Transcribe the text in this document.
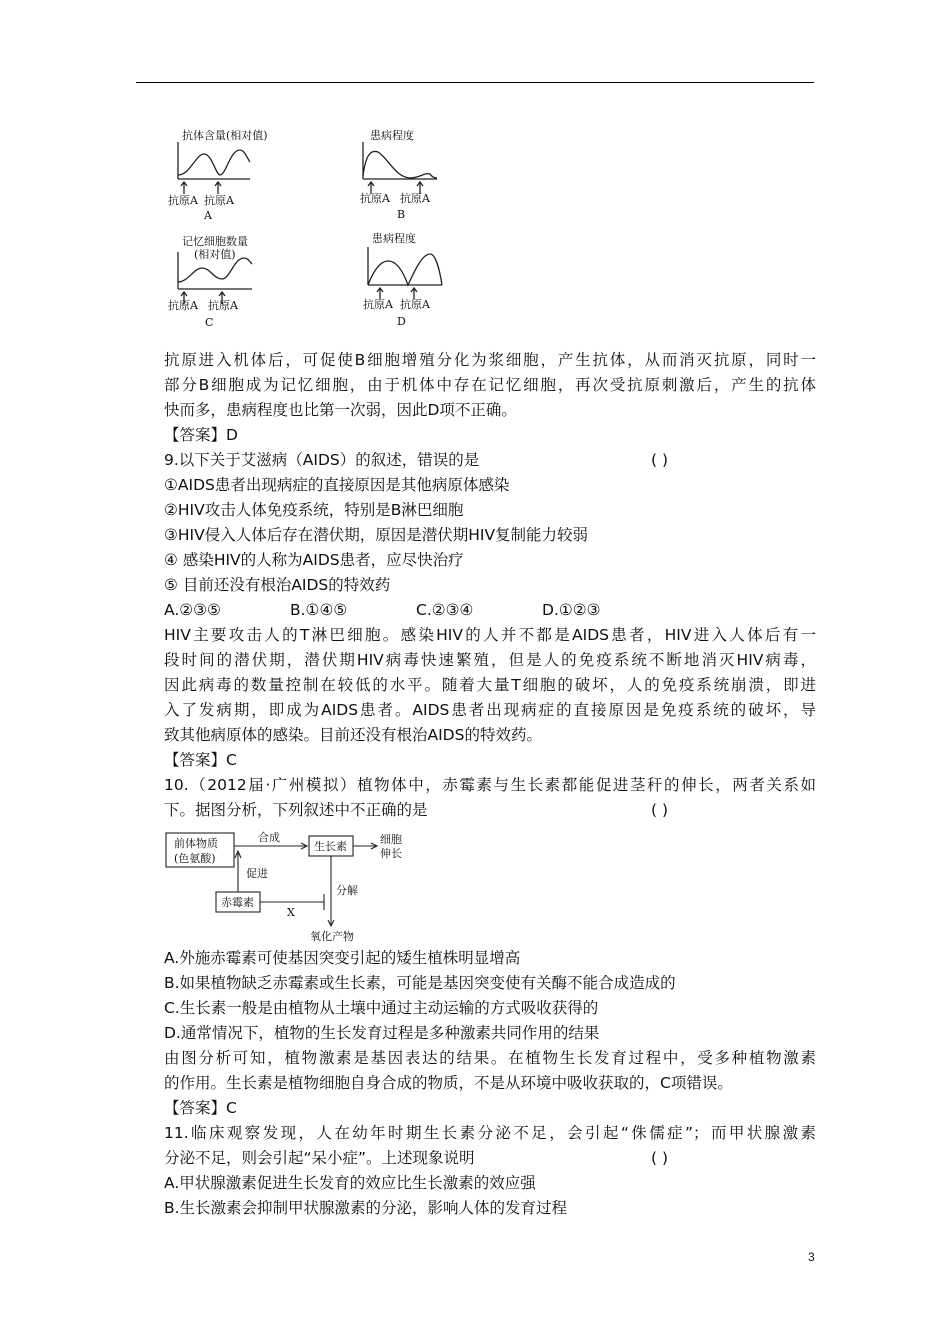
抗体含量(相对值)
抗原A 抗原A
A
患病程度
抗原A 抗原A
B
记忆细胞数量
(相对值)
抗原A 抗原A
C
患病程度
抗原A 抗原A
D
抗原进入机体后，可促使B细胞增殖分化为浆细胞，产生抗体，从而消灭抗原，同时一
部分B细胞成为记忆细胞，由于机体中存在记忆细胞，再次受抗原刺激后，产生的抗体
快而多，患病程度也比第一次弱，因此D项不正确。
【答案】D
9.以下关于艾滋病（AIDS）的叙述，错误的是	( )
①AIDS患者出现病症的直接原因是其他病原体感染
②HIV攻击人体免疫系统，特别是B淋巴细胞
③HIV侵入人体后存在潜伏期，原因是潜伏期HIV复制能力较弱
④ 感染HIV的人称为AIDS患者，应尽快治疗
⑤ 目前还没有根治AIDS的特效药
A.②③⑤	B.①④⑤	C.②③④	D.①②③
HIV主要攻击人的T淋巴细胞。感染HIV的人并不都是AIDS患者，HIV进入人体后有一
段时间的潜伏期，潜伏期HIV病毒快速繁殖，但是人的免疫系统不断地消灭HIV病毒，
因此病毒的数量控制在较低的水平。随着大量T细胞的破坏，人的免疫系统崩溃，即进
入了发病期，即成为AIDS患者。AIDS患者出现病症的直接原因是免疫系统的破坏，导
致其他病原体的感染。目前还没有根治AIDS的特效药。
【答案】C
10.（2012届·广州模拟）植物体中，赤霉素与生长素都能促进茎秆的伸长，两者关系如
下。据图分析，下列叙述中不正确的是	( )
前体物质
(色氨酸)
合成
生长素
细胞
伸长
促进
赤霉素
X
分解
氧化产物
A.外施赤霉素可使基因突变引起的矮生植株明显增高
B.如果植物缺乏赤霉素或生长素，可能是基因突变使有关酶不能合成造成的
C.生长素一般是由植物从土壤中通过主动运输的方式吸收获得的
D.通常情况下，植物的生长发育过程是多种激素共同作用的结果
由图分析可知，植物激素是基因表达的结果。在植物生长发育过程中，受多种植物激素
的作用。生长素是植物细胞自身合成的物质，不是从环境中吸收获取的，C项错误。
【答案】C
11.临床观察发现，人在幼年时期生长素分泌不足，会引起“侏儒症”；而甲状腺激素
分泌不足，则会引起“呆小症”。上述现象说明	( )
A.甲状腺激素促进生长发育的效应比生长激素的效应强
B.生长激素会抑制甲状腺激素的分泌，影响人体的发育过程
3
